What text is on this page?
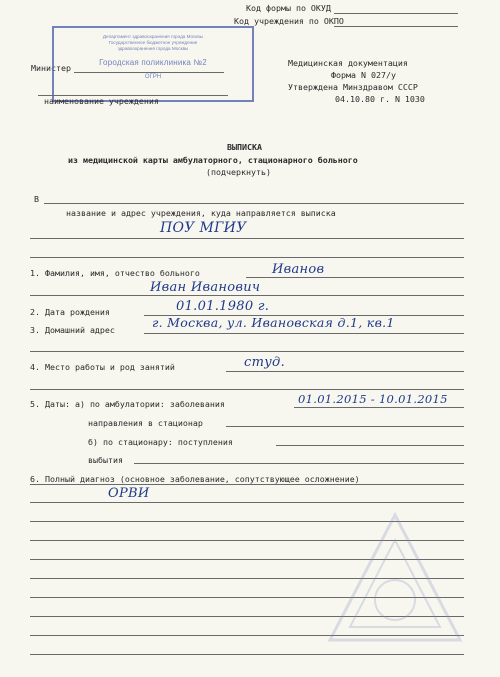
Код формы по ОКУД
Код учреждения по ОКПО
Министер
Департамент здравоохранения города Москвы
Государственное бюджетное учреждение
здравоохранения города Москвы
Городская поликлиника №2
ОГРН
наименование учреждения
Медицинская документация
Форма N 027/у
Утверждена Минздравом СССР
04.10.80 г. N 1030
ВЫПИСКА
из медицинской карты амбулаторного, стационарного больного
(подчеркнуть)
В
название и адрес учреждения, куда направляется выписка
ПОУ МГИУ
1. Фамилия, имя, отчество больного	Иванов
Иван Иванович
2. Дата рождения	01.01.1980 г.
3. Домашний адрес	г. Москва, ул. Ивановская д.1, кв.1
4. Место работы и род занятий	студ.
5. Даты: а) по амбулатории: заболевания	01.01.2015 - 10.01.2015
направления в стационар
б) по стационару: поступления
выбытия
6. Полный диагноз (основное заболевание, сопутствующее осложнение)
ОРВИ
